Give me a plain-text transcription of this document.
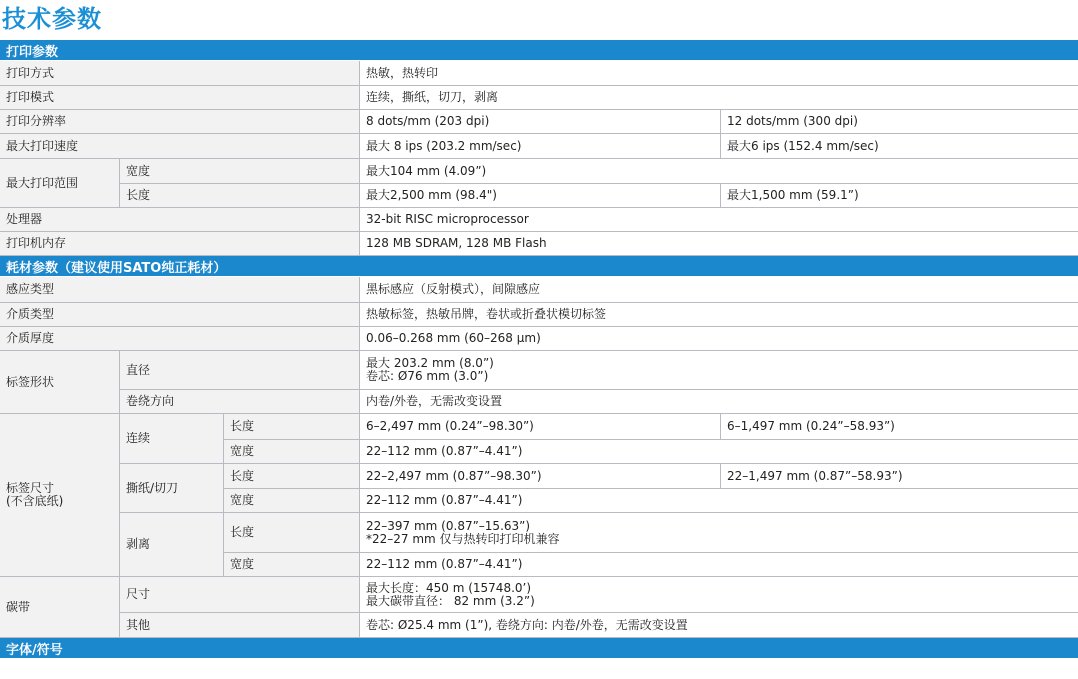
技术参数
打印参数
打印方式	热敏，热转印
打印模式	连续，撕纸，切刀，剥离
打印分辨率	8 dots/mm (203 dpi)	12 dots/mm (300 dpi)
最大打印速度	最大 8 ips (203.2 mm/sec)	最大6 ips (152.4 mm/sec)
最大打印范围
宽度	最大104 mm (4.09”)
长度	最大2,500 mm (98.4")	最大1,500 mm (59.1”)
处理器	32-bit RISC microprocessor
打印机内存	128 MB SDRAM, 128 MB Flash
耗材参数（建议使用SATO纯正耗材）
感应类型	黑标感应（反射模式），间隙感应
介质类型	热敏标签，热敏吊牌，卷状或折叠状模切标签
介质厚度	0.06–0.268 mm (60–268 μm)
标签形状
直径	最大 203.2 mm (8.0”)
卷芯: Ø76 mm (3.0”)
卷绕方向	内卷/外卷，无需改变设置
标签尺寸
(不含底纸)
连续
长度	6–2,497 mm (0.24”–98.30”)	6–1,497 mm (0.24”–58.93”)
宽度	22–112 mm (0.87”–4.41”)
撕纸/切刀
长度	22–2,497 mm (0.87”–98.30”)	22–1,497 mm (0.87”–58.93”)
宽度	22–112 mm (0.87”–4.41”)
剥离
长度	22–397 mm (0.87”–15.63”)
*22–27 mm 仅与热转印打印机兼容
宽度	22–112 mm (0.87”–4.41”)
碳带
尺寸	最大长度：450 m (15748.0’)
最大碳带直径： 82 mm (3.2”)
其他	卷芯: Ø25.4 mm (1”), 卷绕方向: 内卷/外卷，无需改变设置
字体/符号
